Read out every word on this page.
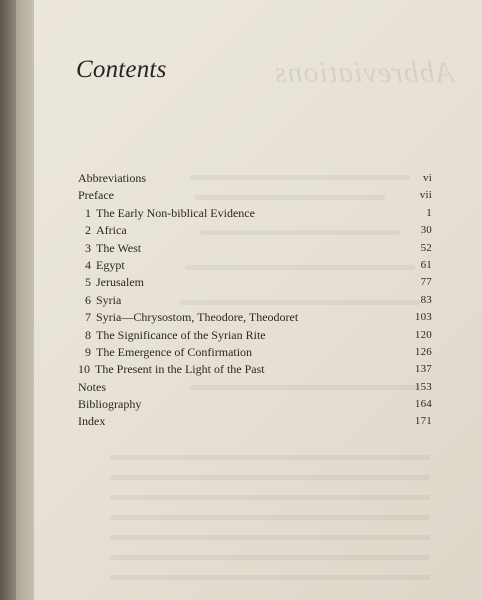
Abbreviations
Contents
Abbreviations	vi
Preface	vii
1 The Early Non-biblical Evidence	1
2 Africa	30
3 The West	52
4 Egypt	61
5 Jerusalem	77
6 Syria	83
7 Syria—Chrysostom, Theodore, Theodoret	103
8 The Significance of the Syrian Rite	120
9 The Emergence of Confirmation	126
10 The Present in the Light of the Past	137
Notes	153
Bibliography	164
Index	171
